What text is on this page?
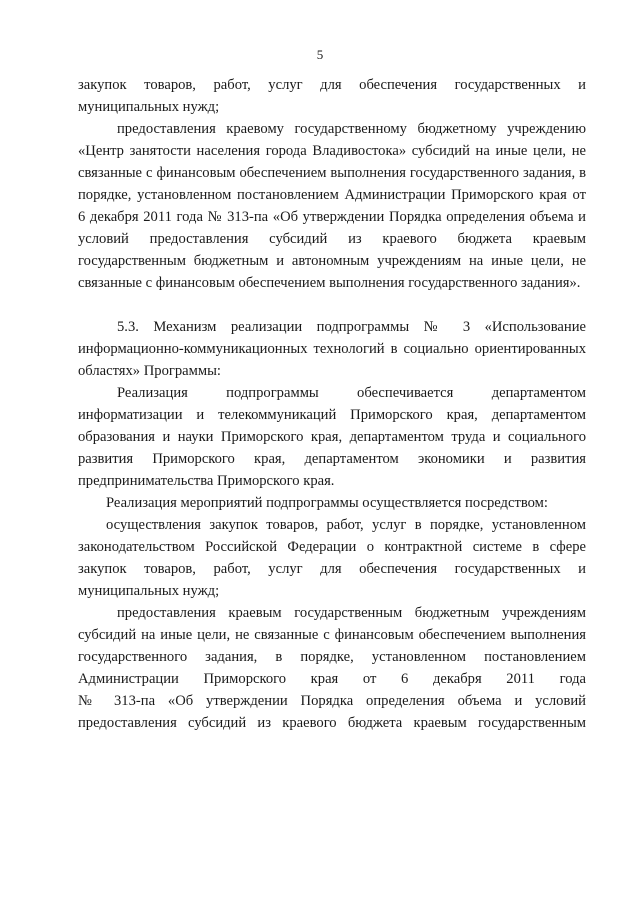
5

закупок товаров, работ, услуг для обеспечения государственных и

муниципальных нужд;

предоставления краевому государственному бюджетному учреждению

«Центр занятости населения города Владивостока» субсидий на иные цели, не

связанные с финансовым обеспечением выполнения государственного задания, в

порядке, установленном постановлением Администрации Приморского края от

6 декабря 2011 года № 313-па «Об утверждении Порядка определения объема и

условий предоставления субсидий из краевого бюджета краевым

государственным бюджетным и автономным учреждениям на иные цели, не

связанные с финансовым обеспечением выполнения государственного задания».

5.3. Механизм реализации подпрограммы № 3 «Использование

информационно-коммуникационных технологий в социально ориентированных

областях» Программы:

Реализация подпрограммы обеспечивается департаментом

информатизации и телекоммуникаций Приморского края, департаментом

образования и науки Приморского края, департаментом труда и социального

развития Приморского края, департаментом экономики и развития

предпринимательства Приморского края.

Реализация мероприятий подпрограммы осуществляется посредством:

осуществления закупок товаров, работ, услуг в порядке, установленном

законодательством Российской Федерации о контрактной системе в сфере

закупок товаров, работ, услуг для обеспечения государственных и

муниципальных нужд;

предоставления краевым государственным бюджетным учреждениям

субсидий на иные цели, не связанные с финансовым обеспечением выполнения

государственного задания, в порядке, установленном постановлением

Администрации Приморского края от 6 декабря 2011 года

№ 313-па «Об утверждении Порядка определения объема и условий

предоставления субсидий из краевого бюджета краевым государственным
